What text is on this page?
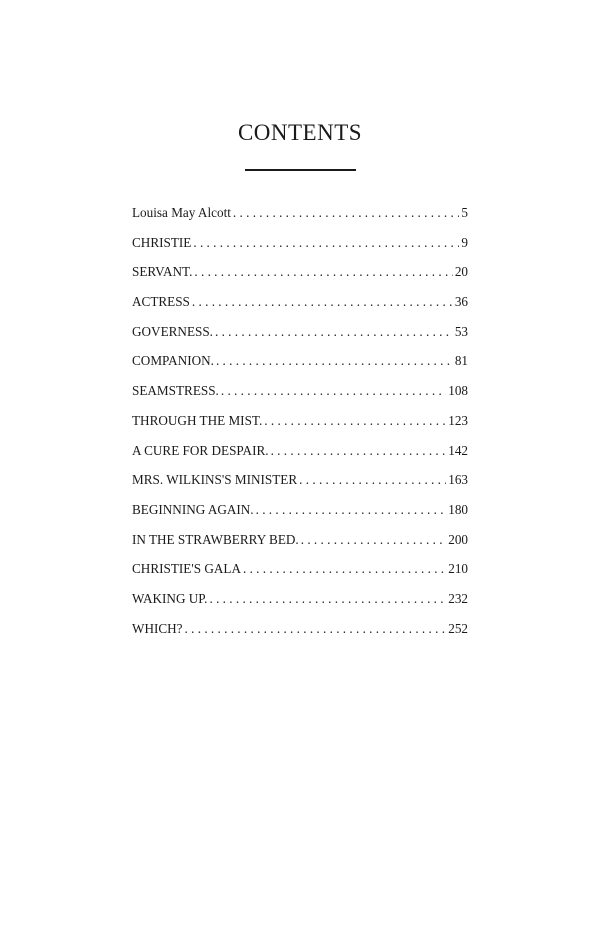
CONTENTS
Louisa May Alcott . . .	5
CHRISTIE . . .	9
SERVANT. . . .	20
ACTRESS . . .	36
GOVERNESS. . . .	53
COMPANION. . . .	81
SEAMSTRESS. . . .	108
THROUGH THE MIST. . . .	123
A CURE FOR DESPAIR. . . .	142
MRS. WILKINS'S MINISTER . . .	163
BEGINNING AGAIN. . . .	180
IN THE STRAWBERRY BED. . . .	200
CHRISTIE'S GALA . . .	210
WAKING UP. . . .	232
WHICH? . . .	252
